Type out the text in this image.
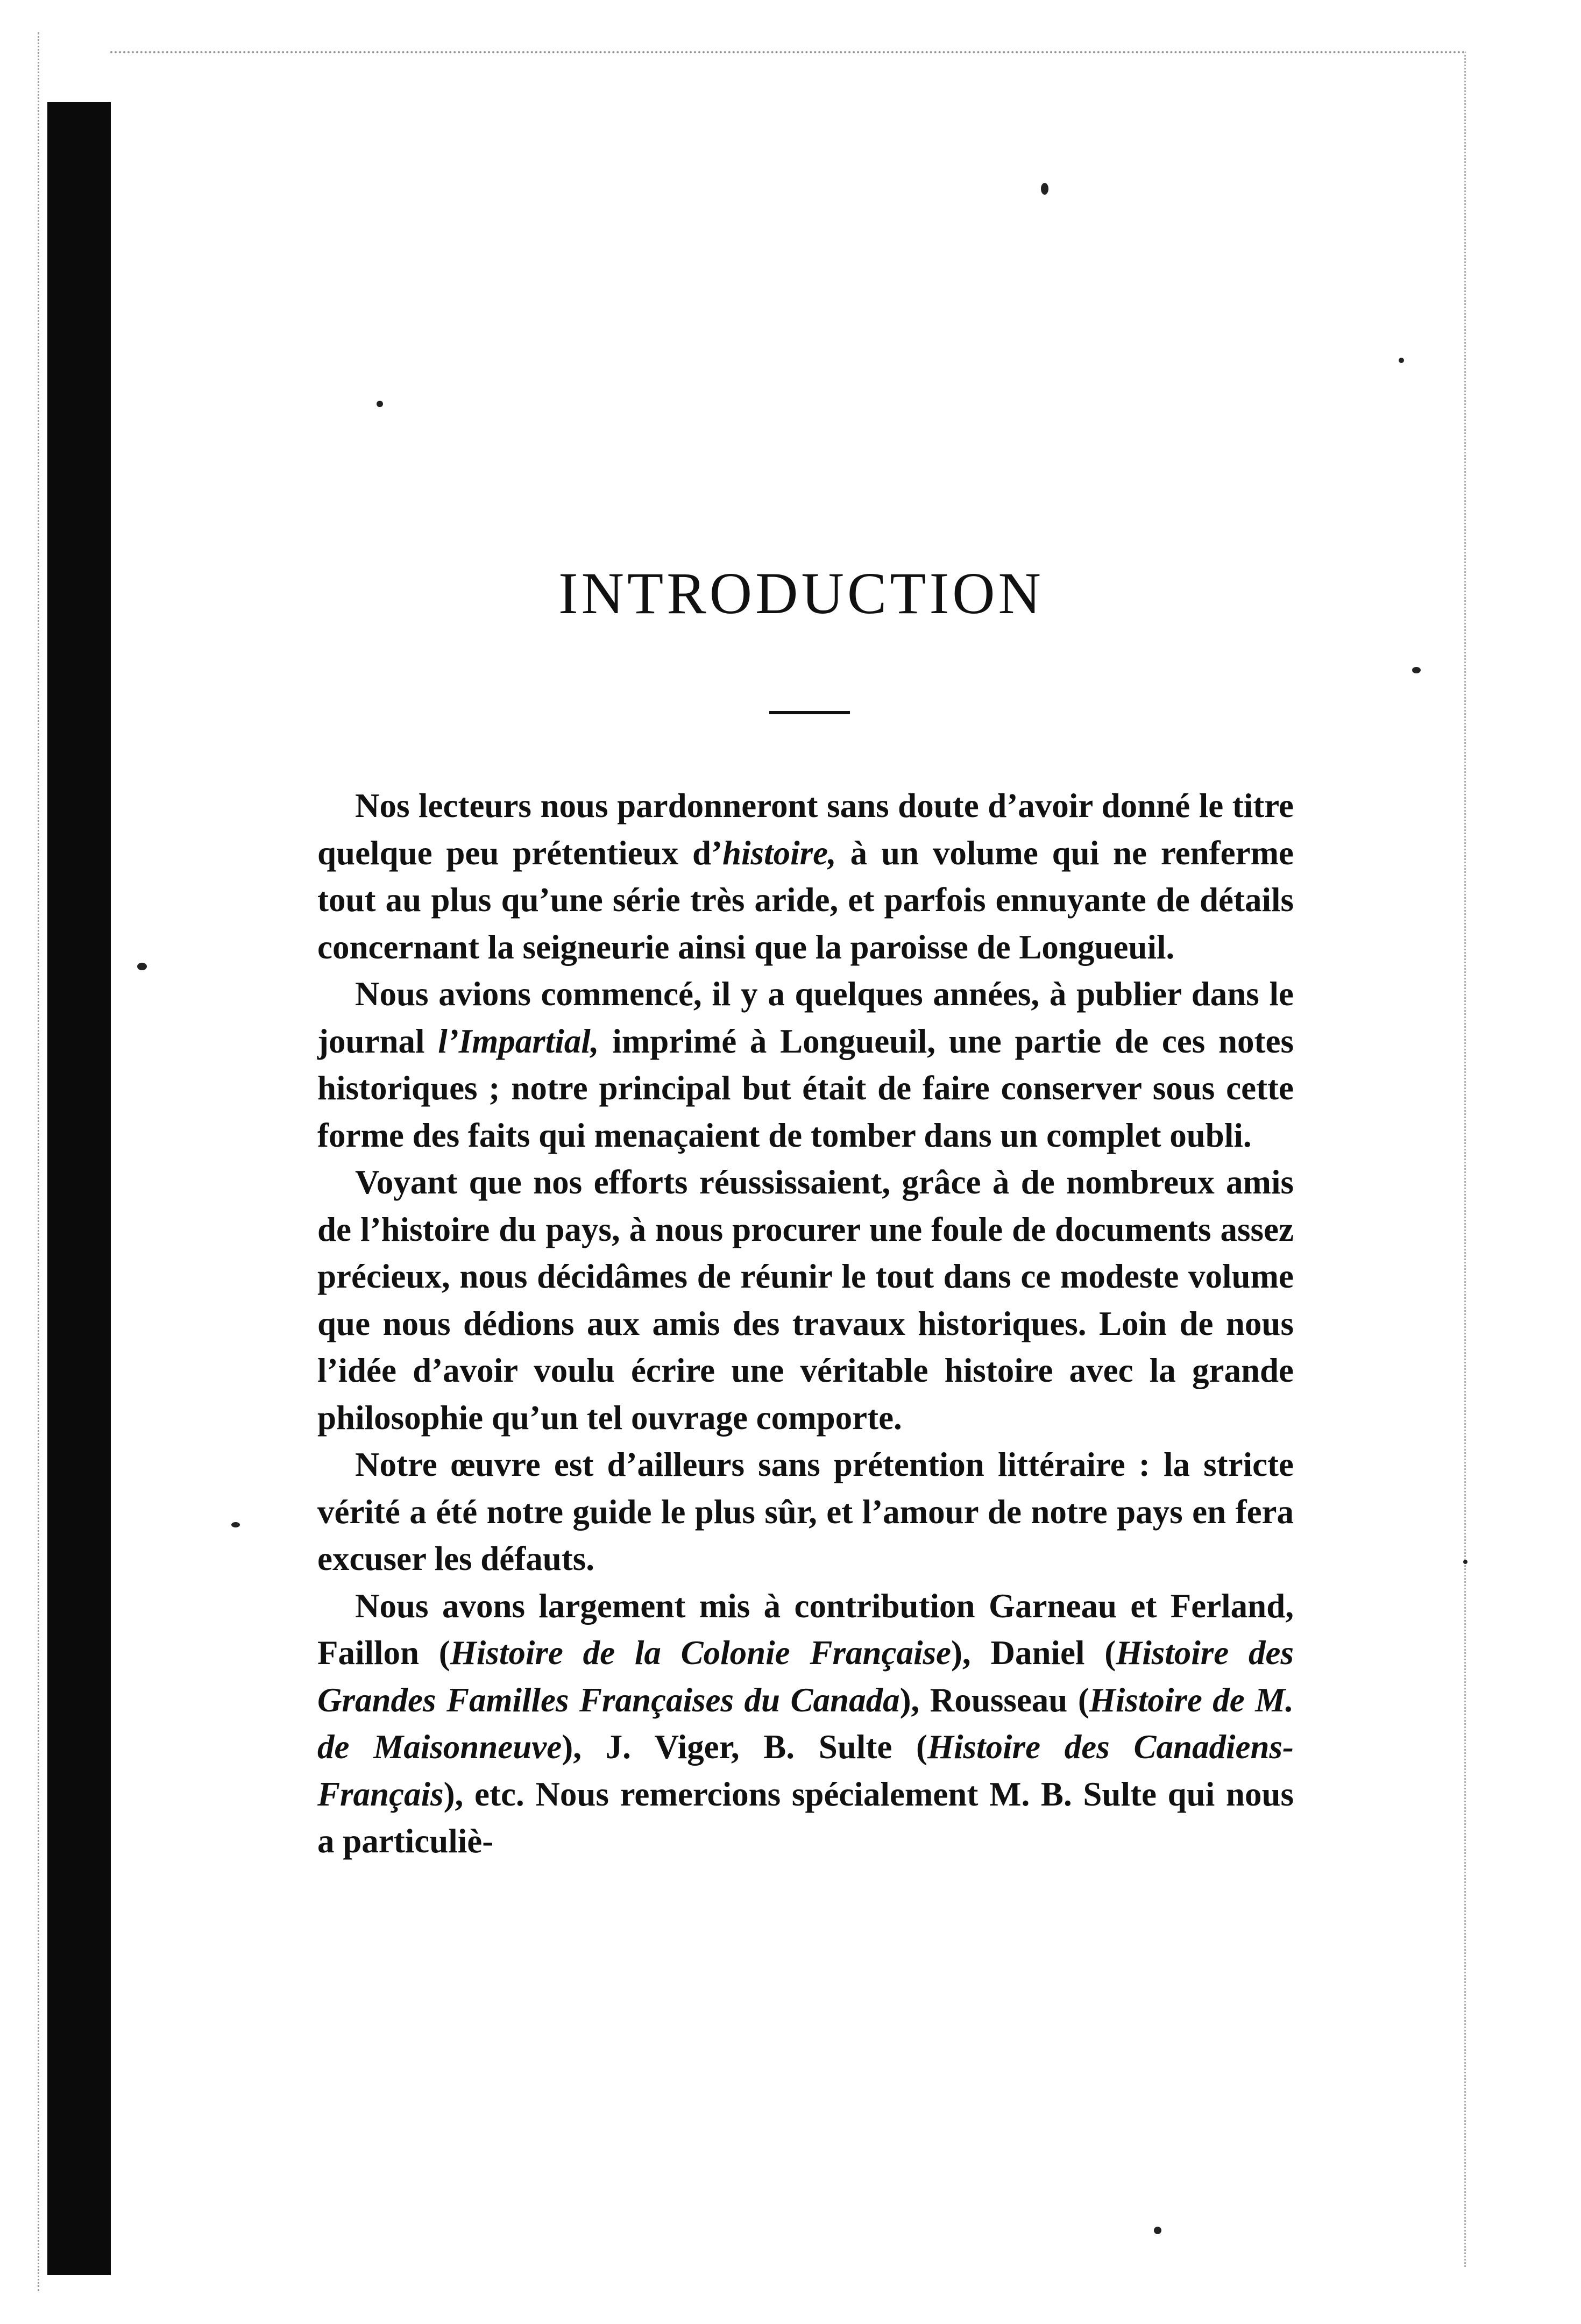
INTRODUCTION

Nos lecteurs nous pardonneront sans doute d’avoir donné le titre quelque peu prétentieux d’histoire, à un volume qui ne renferme tout au plus qu’une série très aride, et parfois ennuyante de détails concernant la seigneurie ainsi que la paroisse de Longueuil.

Nous avions commencé, il y a quelques années, à publier dans le journal l’Impartial, imprimé à Longueuil, une partie de ces notes historiques ; notre principal but était de faire conserver sous cette forme des faits qui menaçaient de tomber dans un complet oubli.

Voyant que nos efforts réussissaient, grâce à de nombreux amis de l’histoire du pays, à nous procurer une foule de documents assez précieux, nous décidâmes de réunir le tout dans ce modeste volume que nous dédions aux amis des travaux historiques. Loin de nous l’idée d’avoir voulu écrire une véritable histoire avec la grande philosophie qu’un tel ouvrage comporte.

Notre œuvre est d’ailleurs sans prétention littéraire : la stricte vérité a été notre guide le plus sûr, et l’amour de notre pays en fera excuser les défauts.

Nous avons largement mis à contribution Garneau et Ferland, Faillon (Histoire de la Colonie Française), Daniel (Histoire des Grandes Familles Françaises du Canada), Rousseau (Histoire de M. de Maisonneuve), J. Viger, B. Sulte (Histoire des Canadiens-Français), etc. Nous remercions spécialement M. B. Sulte qui nous a particuliè-
